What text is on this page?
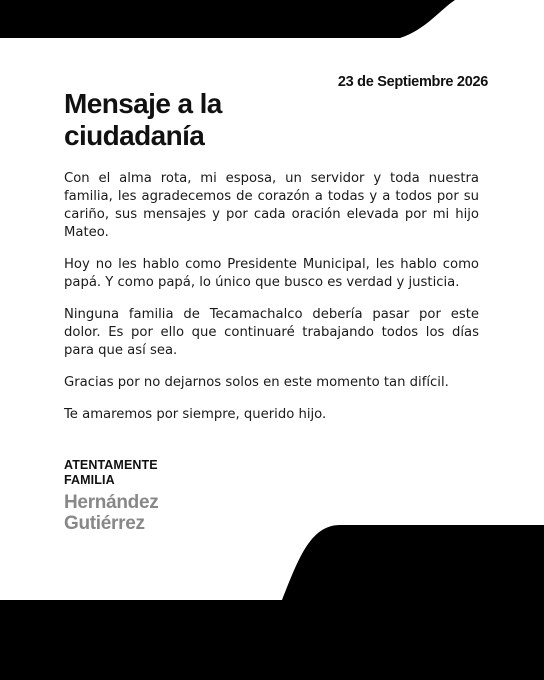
23 de Septiembre 2026
Mensaje a la ciudadanía

Con el alma rota, mi esposa, un servidor y toda nuestra familia, les agradecemos de corazón a todas y a todos por su cariño, sus mensajes y por cada oración elevada por mi hijo Mateo.

Hoy no les hablo como Presidente Municipal, les hablo como papá. Y como papá, lo único que busco es verdad y justicia.

Ninguna familia de Tecamachalco debería pasar por este dolor. Es por ello que continuaré trabajando todos los días para que así sea.

Gracias por no dejarnos solos en este momento tan difícil.

Te amaremos por siempre, querido hijo.

ATENTAMENTE
FAMILIA
Hernández
Gutiérrez
